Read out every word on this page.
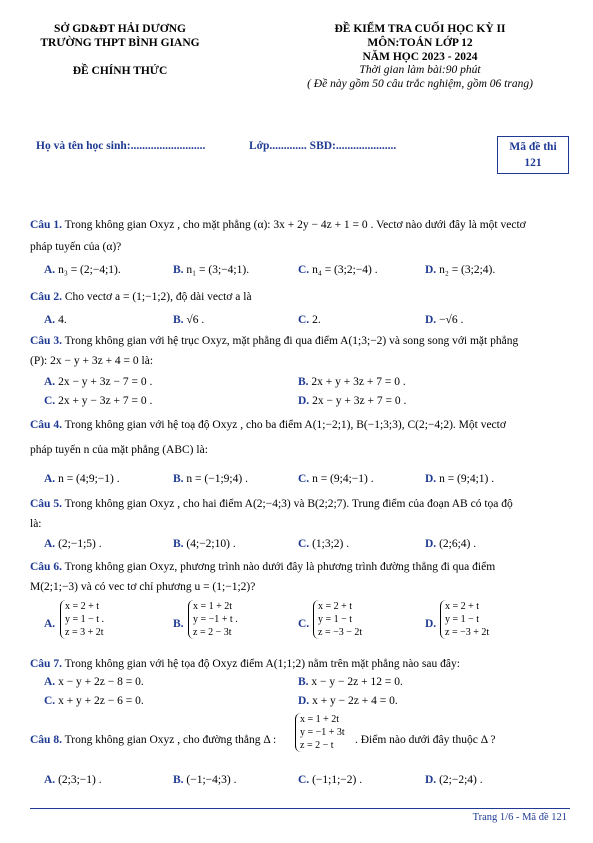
SỞ GD&ĐT HẢI DƯƠNG
TRƯỜNG THPT BÌNH GIANG
ĐỀ CHÍNH THỨC
ĐỀ KIỂM TRA CUỐI HỌC KỲ II
MÔN:TOÁN LỚP 12
NĂM HỌC 2023 - 2024
Thời gian làm bài:90 phút
( Đề này gồm 50 câu trắc nghiệm, gồm 06 trang)
Họ và tên học sinh:..........................	Lớp............. SBD:.....................	Mã đề thi
121
Câu 1. Trong không gian Oxyz , cho mặt phẳng (α): 3x + 2y − 4z + 1 = 0 . Vectơ nào dưới đây là một vectơ
pháp tuyến của (α)?
A. n₃ = (2;−4;1).	B. n₁ = (3;−4;1).	C. n₄ = (3;2;−4) .	D. n₂ = (3;2;4).
Câu 2. Cho vectơ a = (1;−1;2), độ dài vectơ a là
A. 4.	B. √6 .	C. 2.	D. −√6 .
Câu 3. Trong không gian với hệ trục Oxyz, mặt phẳng đi qua điểm A(1;3;−2) và song song với mặt phẳng
(P): 2x − y + 3z + 4 = 0 là:
A. 2x − y + 3z − 7 = 0 .	B. 2x + y + 3z + 7 = 0 .
C. 2x + y − 3z + 7 = 0 .	D. 2x − y + 3z + 7 = 0 .
Câu 4. Trong không gian với hệ toạ độ Oxyz , cho ba điểm A(1;−2;1), B(−1;3;3), C(2;−4;2). Một vectơ
pháp tuyến n của mặt phẳng (ABC) là:
A. n = (4;9;−1) .	B. n = (−1;9;4) .	C. n = (9;4;−1) .	D. n = (9;4;1) .
Câu 5. Trong không gian Oxyz , cho hai điểm A(2;−4;3) và B(2;2;7). Trung điểm của đoạn AB có tọa độ
là:
A. (2;−1;5) .	B. (4;−2;10) .	C. (1;3;2) .	D. (2;6;4) .
Câu 6. Trong không gian Oxyz, phương trình nào dưới đây là phương trình đường thẳng đi qua điểm
M(2;1;−3) và có vec tơ chỉ phương u = (1;−1;2)?
A.
x = 2 + t
y = 1 − t .
z = 3 + 2t
B.
x = 1 + 2t
y = −1 + t .
z = 2 − 3t
C.
x = 2 + t
y = 1 − t
z = −3 − 2t
D.
x = 2 + t
y = 1 − t
z = −3 + 2t
Câu 7. Trong không gian với hệ tọa độ Oxyz điểm A(1;1;2) nằm trên mặt phẳng nào sau đây:
A. x − y + 2z − 8 = 0.	B. x − y − 2z + 12 = 0.
C. x + y + 2z − 6 = 0.	D. x + y − 2z + 4 = 0.
Câu 8. Trong không gian Oxyz , cho đường thẳng Δ :
x = 1 + 2t
y = −1 + 3t
z = 2 − t	. Điểm nào dưới đây thuộc Δ ?
A. (2;3;−1) .	B. (−1;−4;3) .	C. (−1;1;−2) .	D. (2;−2;4) .
Trang 1/6 - Mã đề 121
